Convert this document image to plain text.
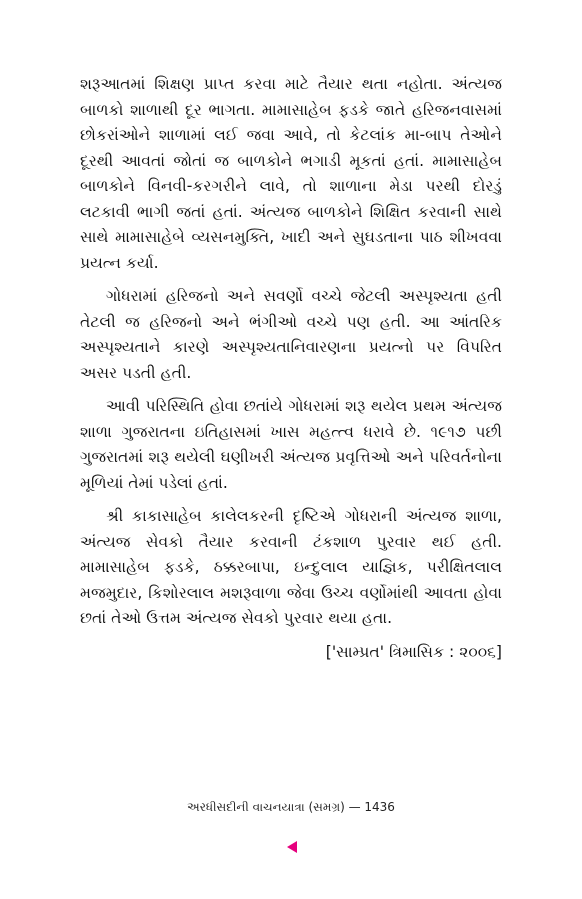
શરૂઆતમાં શિક્ષણ પ્રાપ્ત કરવા માટે તૈયાર થતા નહોતા. અંત્યજ બાળકો શાળાથી દૂર ભાગતા. મામાસાહેબ ફડકે જાતે હરિજનવાસમાં છોકરાંઓને શાળામાં લઈ જવા આવે, તો કેટલાંક મા-બાપ તેઓને દૂરથી આવતાં જોતાં જ બાળકોને ભગાડી મૂકતાં હતાં. મામાસાહેબ બાળકોને વિનવી-કરગરીને લાવે, તો શાળાના મેડા પરથી દોરડું લટકાવી ભાગી જતાં હતાં. અંત્યજ બાળકોને શિક્ષિત કરવાની સાથે સાથે મામાસાહેબે વ્યસનમુક્તિ, ખાદી અને સુઘડતાના પાઠ શીખવવા પ્રયત્ન કર્યા.

ગોધરામાં હરિજનો અને સવર્ણો વચ્ચે જેટલી અસ્પૃશ્યતા હતી તેટલી જ હરિજનો અને ભંગીઓ વચ્ચે પણ હતી. આ આંતરિક અસ્પૃશ્યતાને કારણે અસ્પૃશ્યતાનિવારણના પ્રયત્નો પર વિપરિત અસર પડતી હતી.

આવી પરિસ્થિતિ હોવા છતાંયે ગોધરામાં શરૂ થયેલ પ્રથમ અંત્યજ શાળા ગુજરાતના ઇતિહાસમાં ખાસ મહત્ત્વ ધરાવે છે. ૧૯૧૭ પછી ગુજરાતમાં શરૂ થયેલી ઘણીખરી અંત્યજ પ્રવૃત્તિઓ અને પરિવર્તનોના મૂળિયાં તેમાં પડેલાં હતાં.

શ્રી કાકાસાહેબ કાલેલકરની દૃષ્ટિએ ગોધરાની અંત્યજ શાળા, અંત્યજ સેવકો તૈયાર કરવાની ટંકશાળ પુરવાર થઈ હતી. મામાસાહેબ ફડકે, ઠક્કરબાપા, ઇન્દુલાલ યાજ્ઞિક, પરીક્ષિતલાલ મજમુદાર, કિશોરલાલ મશરૂવાળા જેવા ઉચ્ચ વર્ણોમાંથી આવતા હોવા છતાં તેઓ ઉત્તમ અંત્યજ સેવકો પુરવાર થયા હતા.

['સામ્પ્રત' ત્રિમાસિક : ૨૦૦૬]
અરધીસદીની વાચનયાત્રા (સમગ્ર) — 1436
